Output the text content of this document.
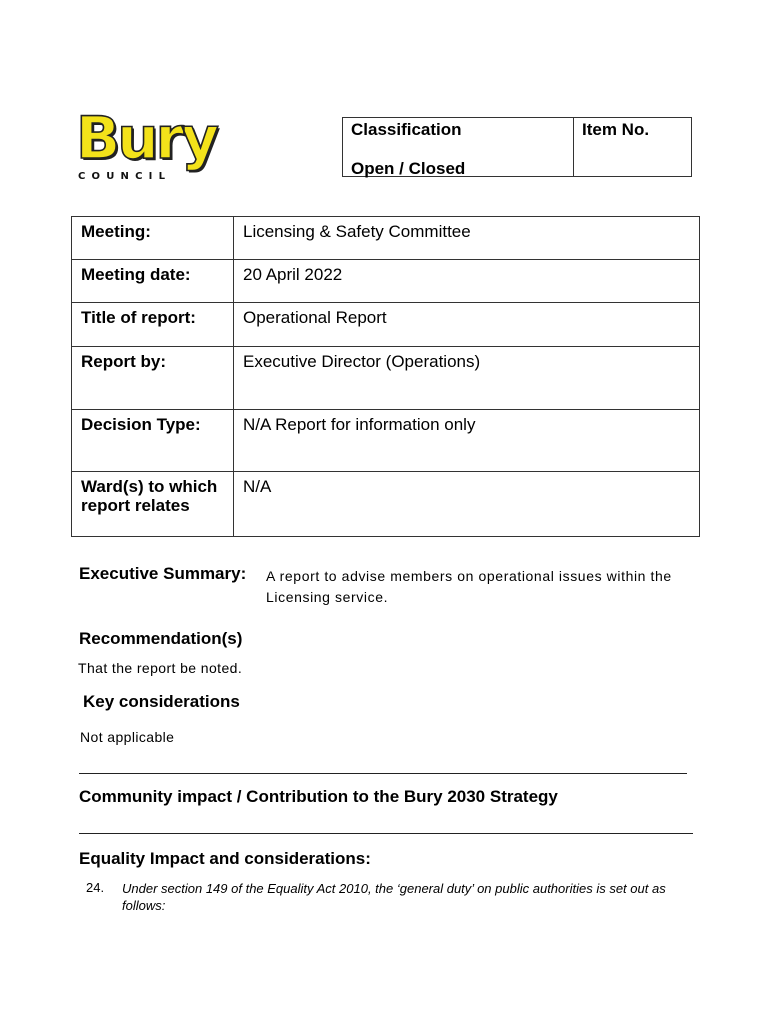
Bury
COUNCIL
Classification
Open / Closed
Item No.
Meeting:	Licensing & Safety Committee
Meeting date:	20 April 2022
Title of report:	Operational Report
Report by:	Executive Director (Operations)
Decision Type:	N/A Report for information only
Ward(s) to which report relates	N/A
Executive Summary: A report to advise members on operational issues within the Licensing service.
Recommendation(s)
That the report be noted.
Key considerations
Not applicable
Community impact / Contribution to the Bury 2030 Strategy
Equality Impact and considerations:
24. Under section 149 of the Equality Act 2010, the ‘general duty’ on public authorities is set out as follows:
